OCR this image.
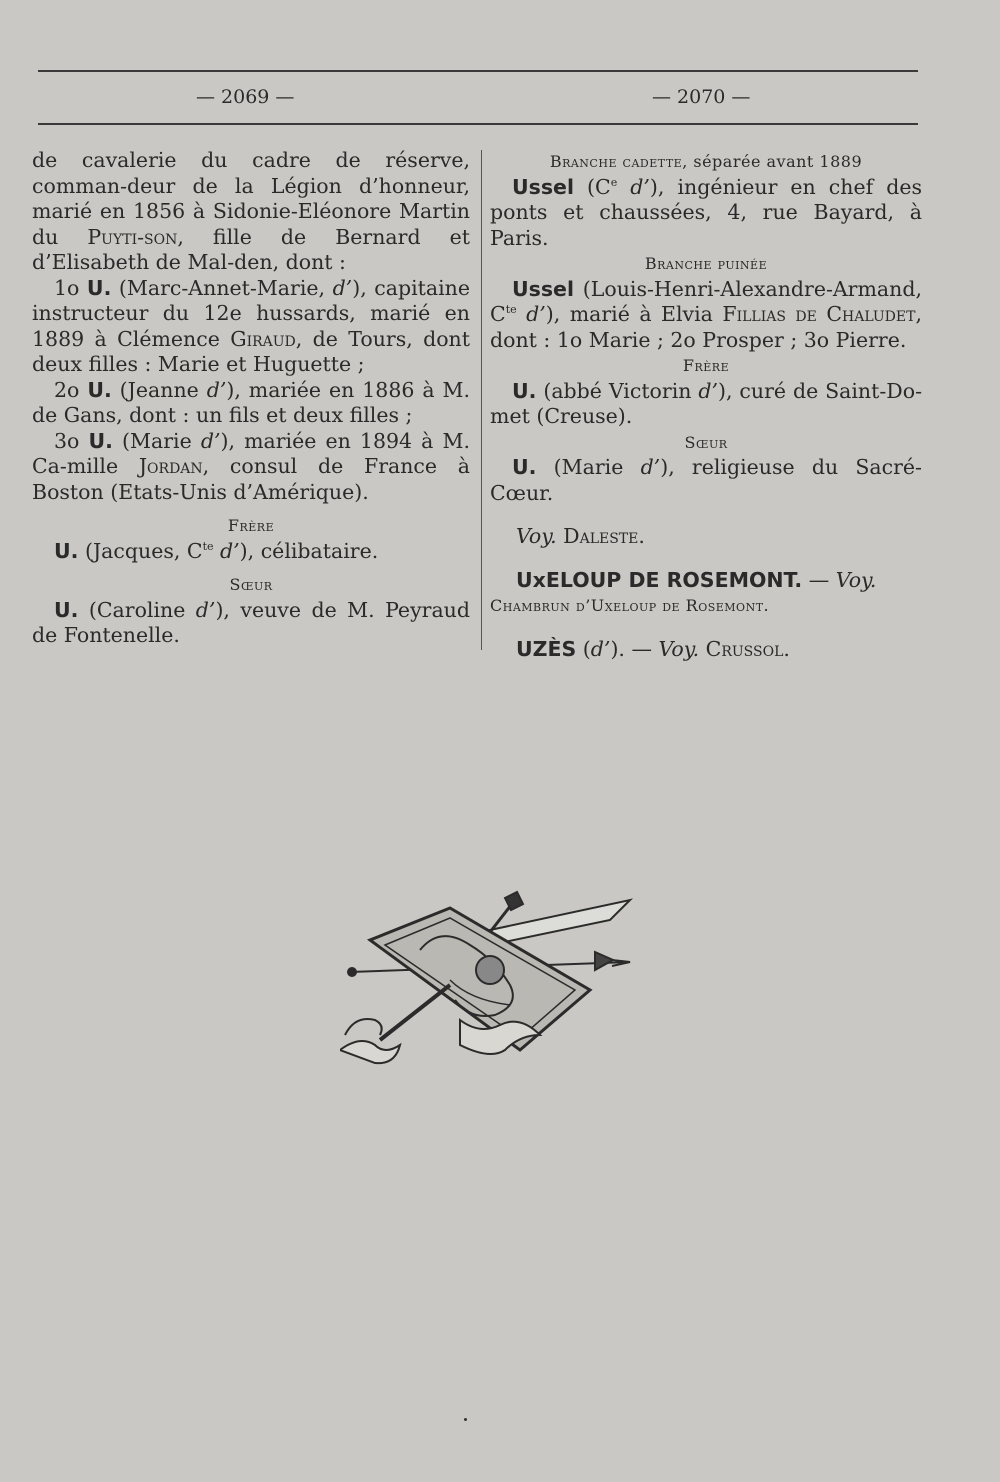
— 2069 —	— 2070 —

de cavalerie du cadre de réserve, comman-deur de la Légion d’honneur, marié en 1856 à Sidonie-Eléonore Martin du Puyti-son, fille de Bernard et d’Elisabeth de Mal-den, dont :

1o U. (Marc-Annet-Marie, d’), capitaine instructeur du 12e hussards, marié en 1889 à Clémence Giraud, de Tours, dont deux filles : Marie et Huguette ;

2o U. (Jeanne d’), mariée en 1886 à M. de Gans, dont : un fils et deux filles ;

3o U. (Marie d’), mariée en 1894 à M. Ca-mille Jordan, consul de France à Boston (Etats-Unis d’Amérique).

Frère

U. (Jacques, $C^{te}$ d’), célibataire.

Sœur

U. (Caroline d’), veuve de M. Peyraud de Fontenelle.

Branche cadette, séparée avant 1889

Ussel (Ce d’), ingénieur en chef des ponts et chaussées, 4, rue Bayard, à Paris.

Branche puinée

Ussel (Louis-Henri-Alexandre-Armand, $C^{te}$ d’), marié à Elvia Fillias de Chaludet, dont : 1o Marie ; 2o Prosper ; 3o Pierre.

Frère

U. (abbé Victorin d’), curé de Saint-Do-met (Creuse).

Sœur

U. (Marie d’), religieuse du Sacré-Cœur.

Voy. Daleste.

UxELOUP DE ROSEMONT. — Voy.

Chambrun d’Uxeloup de Rosemont.

UZÈS (d’). — Voy. Crussol.
